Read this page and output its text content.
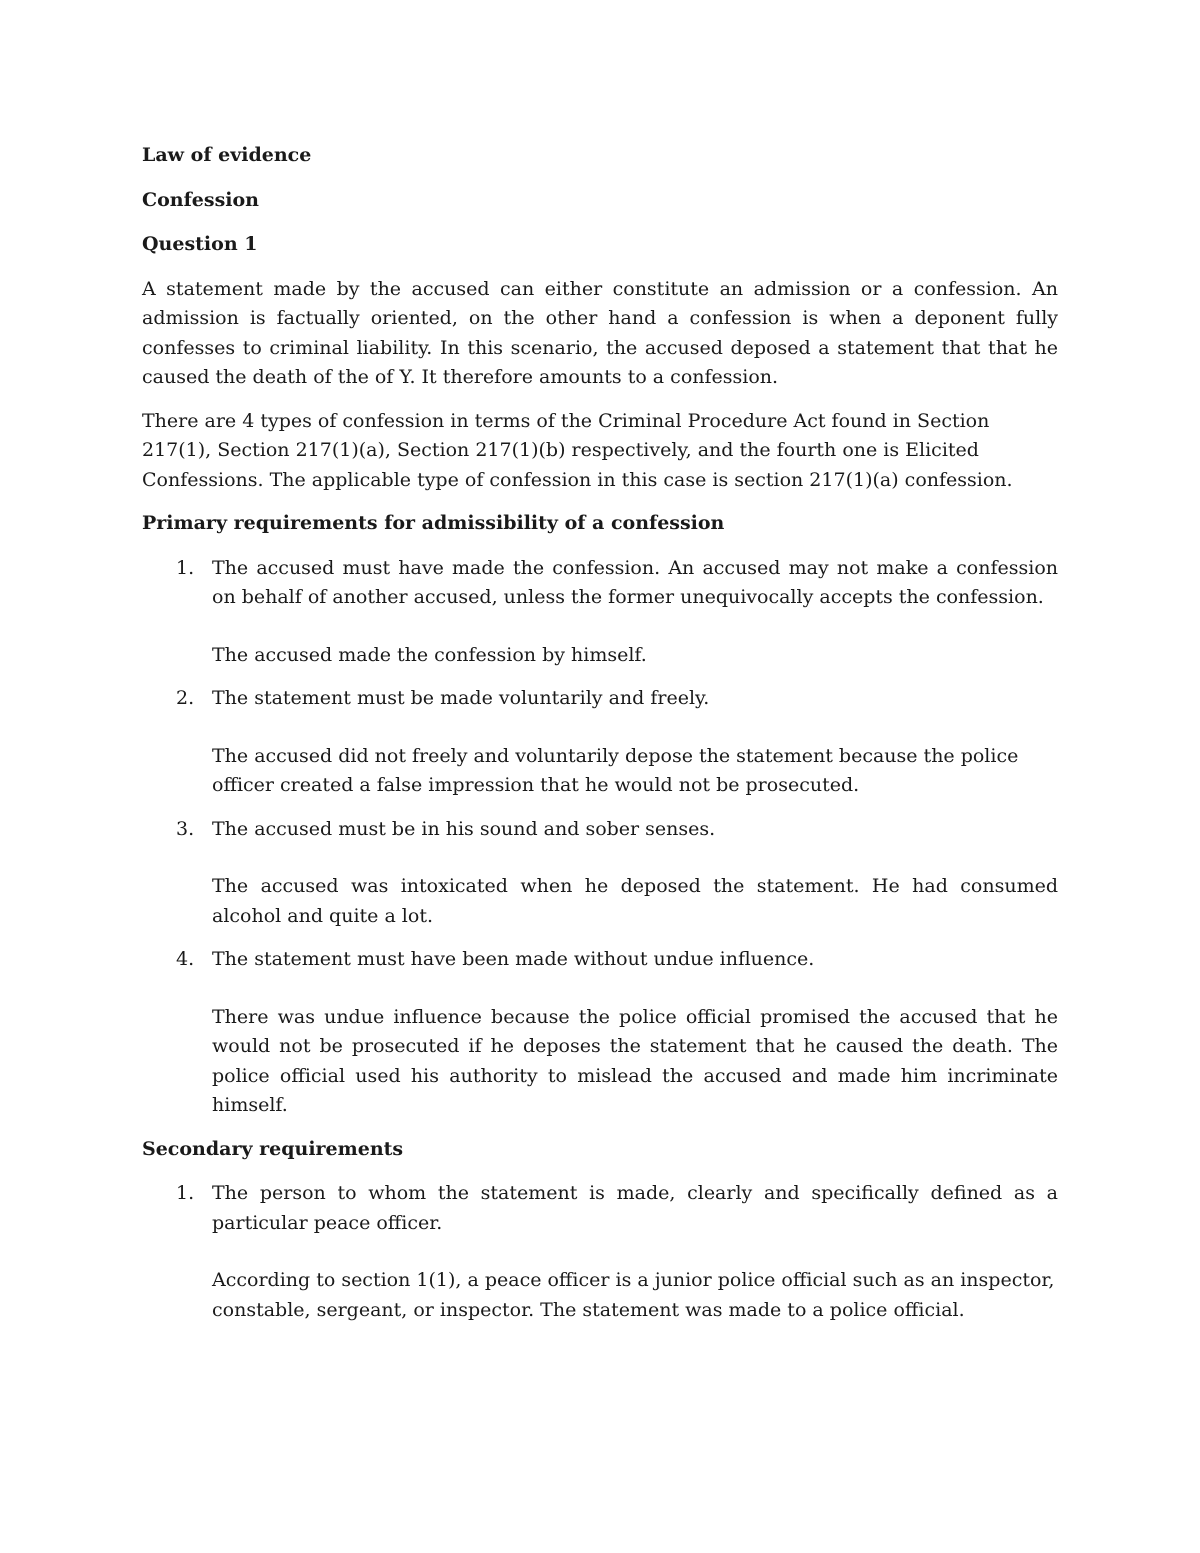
Law of evidence
Confession
Question 1

A statement made by the accused can either constitute an admission or a confession. An admission is factually oriented, on the other hand a confession is when a deponent fully confesses to criminal liability. In this scenario, the accused deposed a statement that that he caused the death of the of Y. It therefore amounts to a confession.

There are 4 types of confession in terms of the Criminal Procedure Act found in Section 217(1), Section 217(1)(a), Section 217(1)(b) respectively, and the fourth one is Elicited Confessions. The applicable type of confession in this case is section 217(1)(a) confession.

Primary requirements for admissibility of a confession
1. The accused must have made the confession. An accused may not make a confession on behalf of another accused, unless the former unequivocally accepts the confession.

The accused made the confession by himself.

2. The statement must be made voluntarily and freely.

The accused did not freely and voluntarily depose the statement because the police officer created a false impression that he would not be prosecuted.

3. The accused must be in his sound and sober senses.

The accused was intoxicated when he deposed the statement. He had consumed alcohol and quite a lot.

4. The statement must have been made without undue influence.

There was undue influence because the police official promised the accused that he would not be prosecuted if he deposes the statement that he caused the death. The police official used his authority to mislead the accused and made him incriminate himself.

Secondary requirements
1. The person to whom the statement is made, clearly and specifically defined as a particular peace officer.

According to section 1(1), a peace officer is a junior police official such as an inspector, constable, sergeant, or inspector. The statement was made to a police official.
